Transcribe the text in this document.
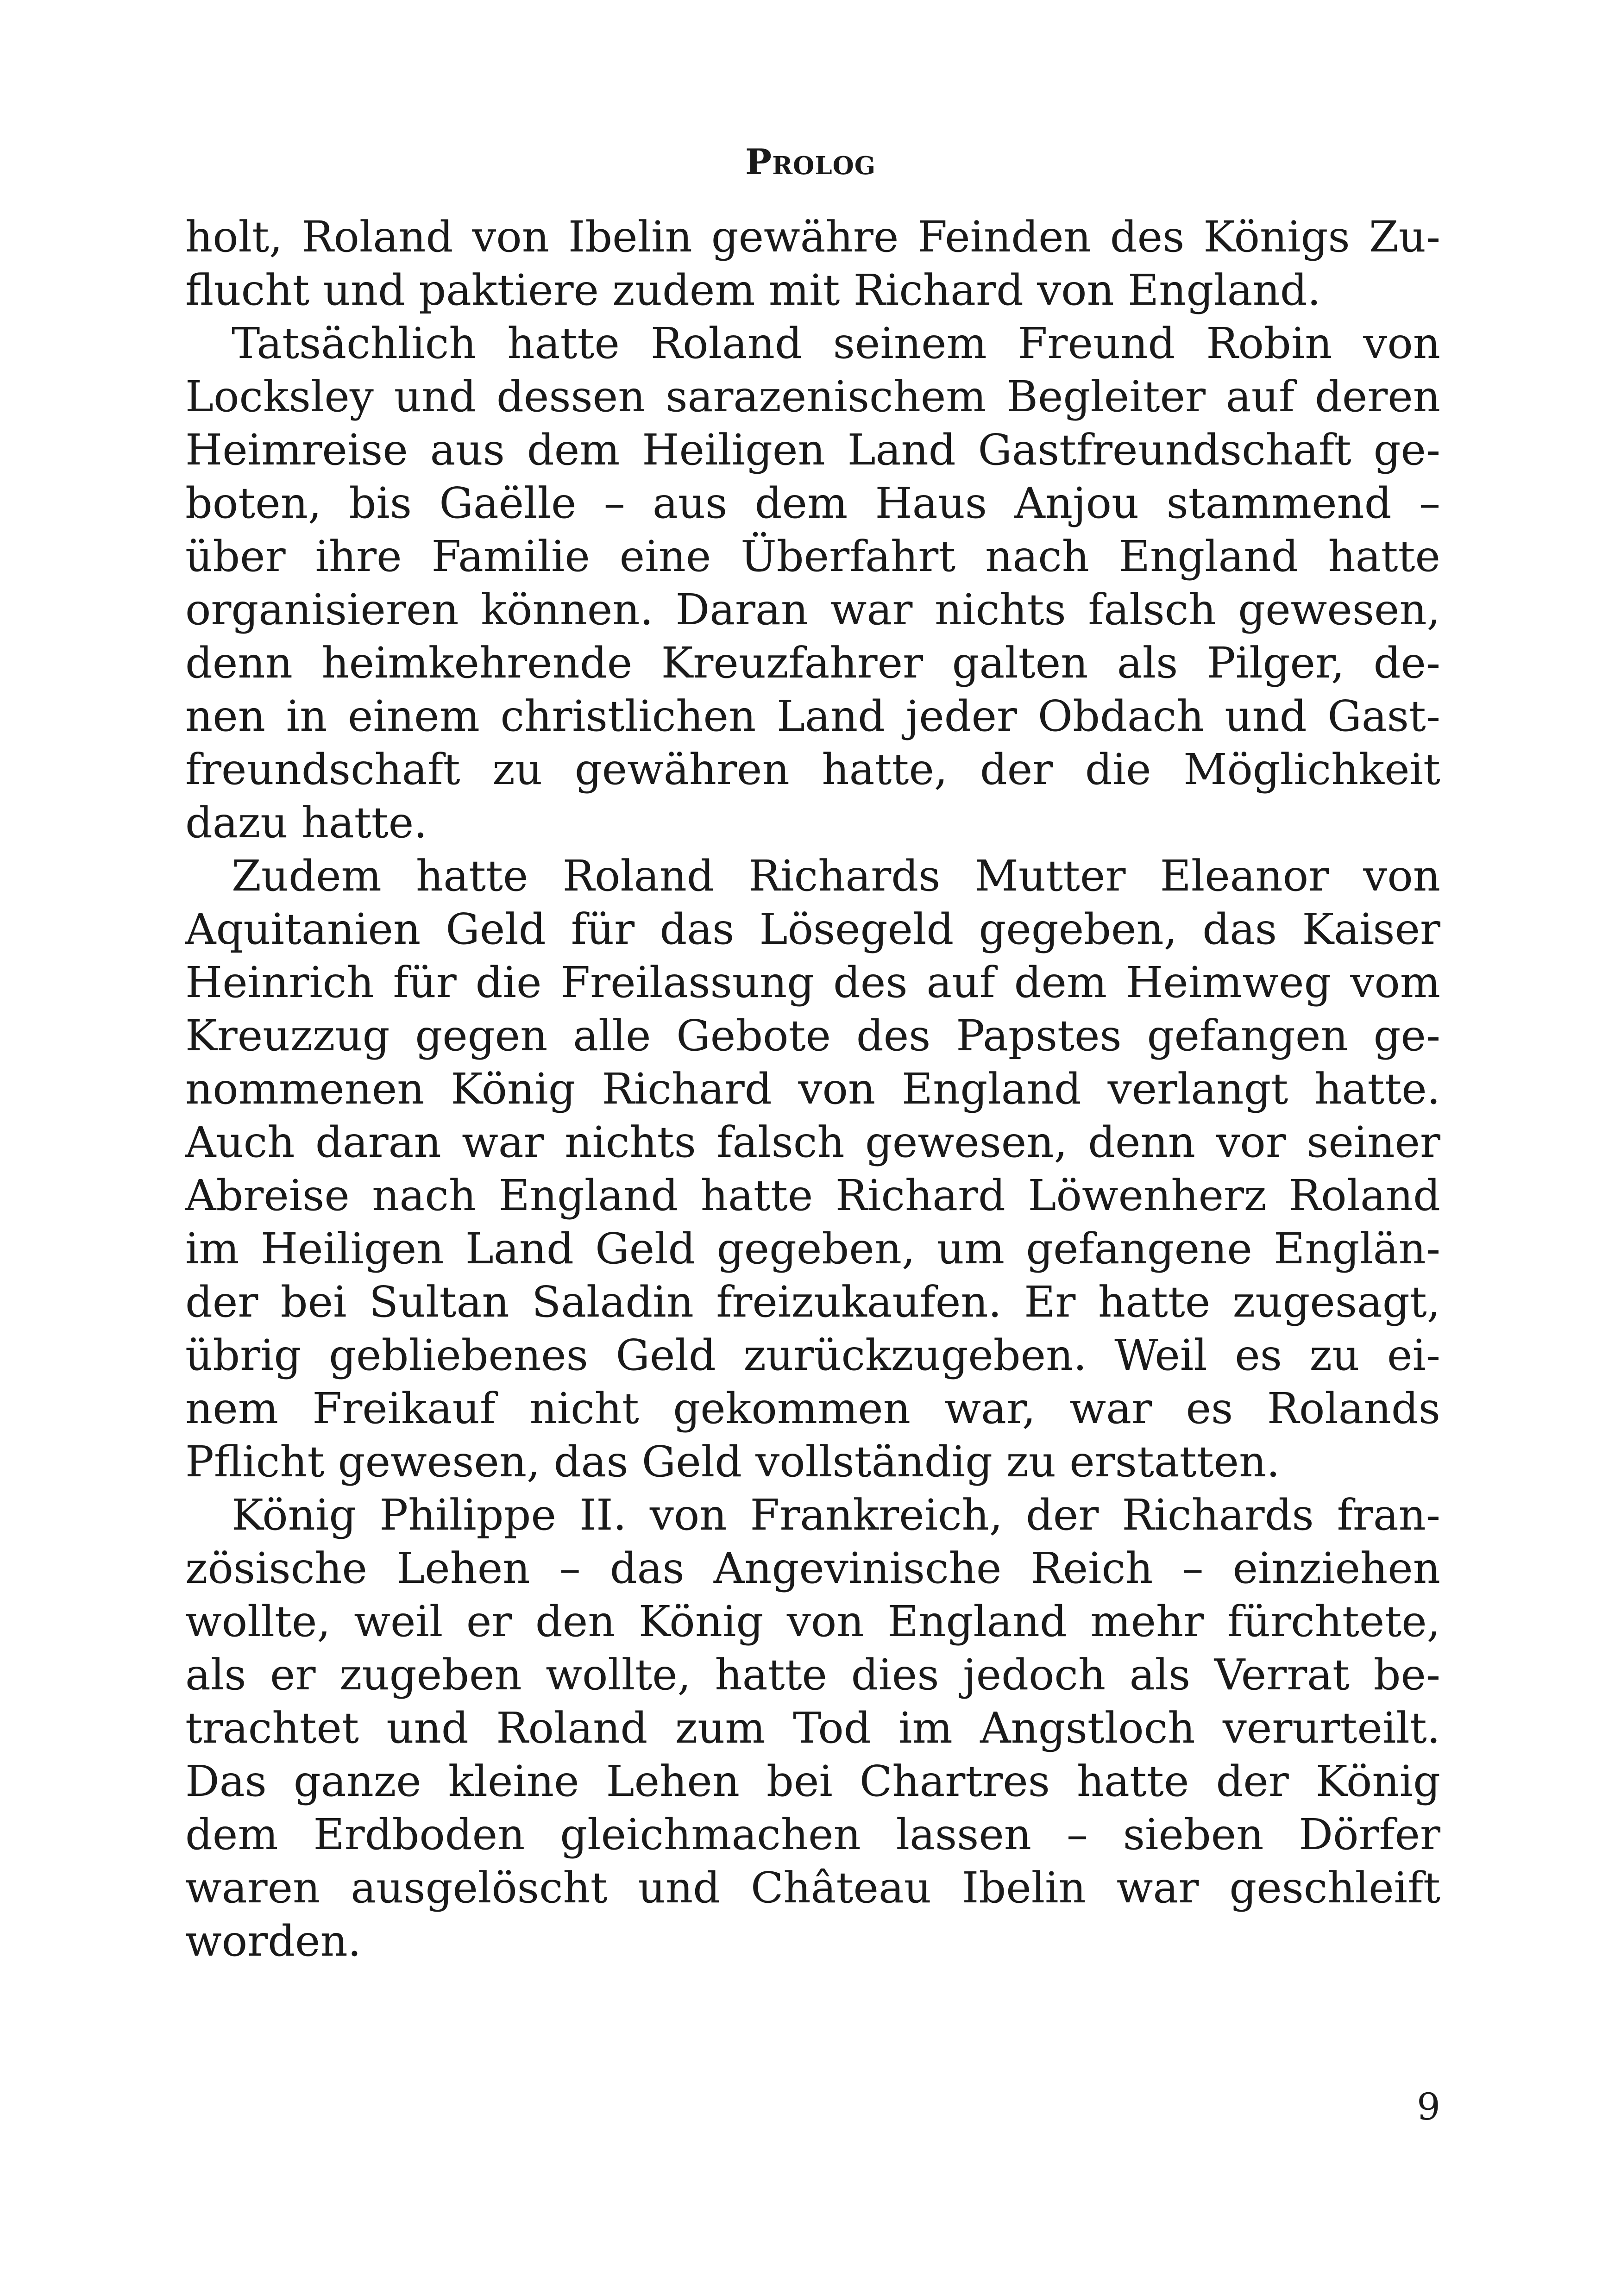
Prolog
holt, Roland von Ibelin gewähre Feinden des Königs Zu-
flucht und paktiere zudem mit Richard von England.
Tatsächlich hatte Roland seinem Freund Robin von
Locksley und dessen sarazenischem Begleiter auf deren
Heimreise aus dem Heiligen Land Gastfreundschaft ge-
boten, bis Gaëlle – aus dem Haus Anjou stammend –
über ihre Familie eine Überfahrt nach England hatte
organisieren können. Daran war nichts falsch gewesen,
denn heimkehrende Kreuzfahrer galten als Pilger, de-
nen in einem christlichen Land jeder Obdach und Gast-
freundschaft zu gewähren hatte, der die Möglichkeit
dazu hatte.
Zudem hatte Roland Richards Mutter Eleanor von
Aquitanien Geld für das Lösegeld gegeben, das Kaiser
Heinrich für die Freilassung des auf dem Heimweg vom
Kreuzzug gegen alle Gebote des Papstes gefangen ge-
nommenen König Richard von England verlangt hatte.
Auch daran war nichts falsch gewesen, denn vor seiner
Abreise nach England hatte Richard Löwenherz Roland
im Heiligen Land Geld gegeben, um gefangene Englän-
der bei Sultan Saladin freizukaufen. Er hatte zugesagt,
übrig gebliebenes Geld zurückzugeben. Weil es zu ei-
nem Freikauf nicht gekommen war, war es Rolands
Pflicht gewesen, das Geld vollständig zu erstatten.
König Philippe II. von Frankreich, der Richards fran-
zösische Lehen – das Angevinische Reich – einziehen
wollte, weil er den König von England mehr fürchtete,
als er zugeben wollte, hatte dies jedoch als Verrat be-
trachtet und Roland zum Tod im Angstloch verurteilt.
Das ganze kleine Lehen bei Chartres hatte der König
dem Erdboden gleichmachen lassen – sieben Dörfer
waren ausgelöscht und Château Ibelin war geschleift
worden.
9
